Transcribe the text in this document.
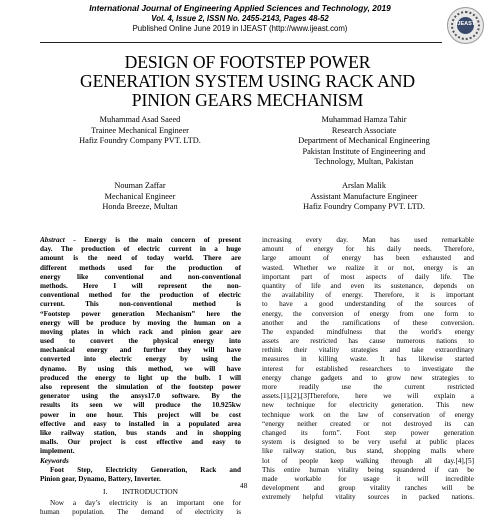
International Journal of Engineering Applied Sciences and Technology, 2019
Vol. 4, Issue 2, ISSN No. 2455-2143, Pages 48-52
Published Online June 2019 in IJEAST (http://www.ijeast.com)	IJEAST
DESIGN OF FOOTSTEP POWER
GENERATION SYSTEM USING RACK AND
PINION GEARS MECHANISM
Muhammad Asad Saeed
Trainee Mechanical Engineer
Hafiz Foundry Company PVT. LTD.
Muhammad Hamza Tahir
Research Associate
Department of Mechanical Engineering
Pakistan Institute of Engineering and
Technology, Multan, Pakistan
Nouman Zaffar
Mechanical Engineer
Honda Breeze, Multan
Arslan Malik
Assistant Manufacture Engineer
Hafiz Foundry Company PVT. LTD.
Abstract - Energy is the main concern of present
day. The production of electric current in a huge
amount is the need of today world. There are
different methods used for the production of
energy like conventional and non-conventional
methods. Here I will represent the non-
conventional method for the production of electric
current. This non-conventional method is
“Footstep power generation Mechanism” here the
energy will be produce by moving the human on a
moving plates in which rack and pinion gear are
used to convert the physical energy into
mechanical energy and further they will have
converted into electric energy by using the
dynamo. By using this method, we will have
produced the energy to light up the bulb. I will
also represent the simulation of the footstep power
generator using the ansys17.0 software. By the
results its seen we will produce the 10.925kw
power in one hour. This project will be cost
effective and easy to installed in a populated area
like railway station, bus stands and in shopping
malls. Our project is cost effective and easy to
implement.
Keywords
Foot Step, Electricity Generation, Rack and
Pinion gear, Dynamo, Battery, Inverter.
I.        INTRODUCTION
Now a day’s electricity is an important one for
human population. The demand of electricity is
increasing every day. Man has used remarkable
amount of energy for his daily needs. Therefore,
large amount of energy has been exhausted and
wasted. Whether we realize it or not, energy is an
important part of most aspects of daily life. The
quantity of life and even its sustenance, depends on
the availability of energy. Therefore, it is important
to have a good understanding of the sources of
energy, the conversion of energy from one form to
another and the ramifications of these conversion.
The expanded mindfulness that the world's energy
assets are restricted has cause numerous nations to
rethink their vitality strategies and take extraordinary
measures in killing waste. It has likewise started
interest for established researchers to investigate the
energy change gadgets and to grow new strategies to
more readily use the current restricted
assets.[1],[2],[3]Therefore, here we will explain a
new technique for electricity generation. This new
technique work on the law of conservation of energy
“energy neither created or not destroyed its can
changed its form”. Foot step power generation
system is designed to be very useful at public places
like railway station, bus stand, shopping malls where
lot of people keep walking through all day.[4],[5]
This entire human vitality being squandered if can be
made workable for usage it will incredible
development and group vitality ranches will be
extremely helpful vitality sources in packed nations.
48
